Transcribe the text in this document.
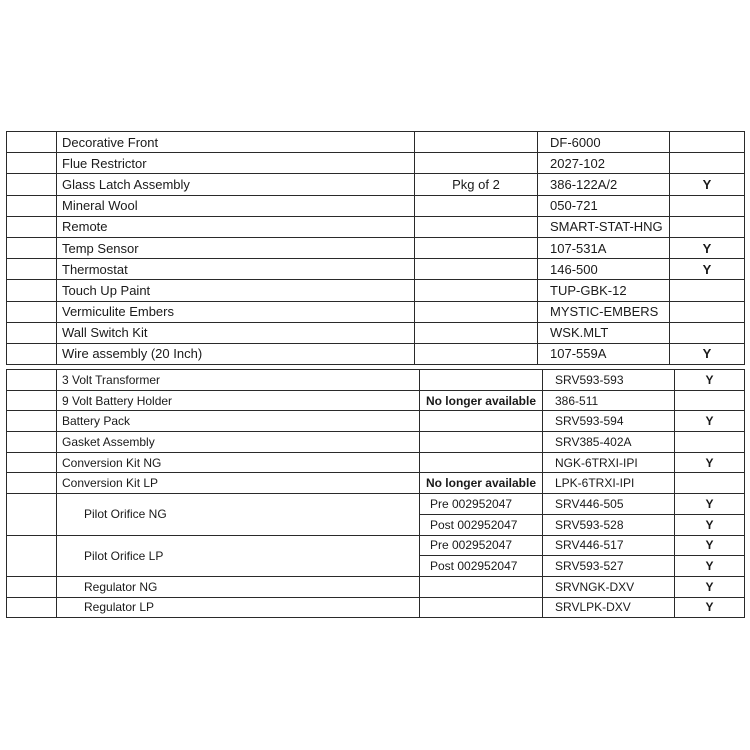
	Decorative Front		DF-6000	
	Flue Restrictor		2027-102	
	Glass Latch Assembly	Pkg of 2	386-122A/2	Y
	Mineral Wool		050-721	
	Remote		SMART-STAT-HNG	
	Temp Sensor		107-531A	Y
	Thermostat		146-500	Y
	Touch Up Paint		TUP-GBK-12	
	Vermiculite Embers		MYSTIC-EMBERS	
	Wall Switch Kit		WSK.MLT	
	Wire assembly (20 Inch)		107-559A	Y
	3 Volt Transformer		SRV593-593	Y
	9 Volt Battery Holder	No longer available	386-511	
	Battery Pack		SRV593-594	Y
	Gasket Assembly		SRV385-402A	
	Conversion Kit NG		NGK-6TRXI-IPI	Y
	Conversion Kit LP	No longer available	LPK-6TRXI-IPI	
	Pilot Orifice NG	Pre 002952047	SRV446-505	Y
		Post 002952047	SRV593-528	Y
	Pilot Orifice LP	Pre 002952047	SRV446-517	Y
		Post 002952047	SRV593-527	Y
	Regulator NG		SRVNGK-DXV	Y
	Regulator LP		SRVLPK-DXV	Y
